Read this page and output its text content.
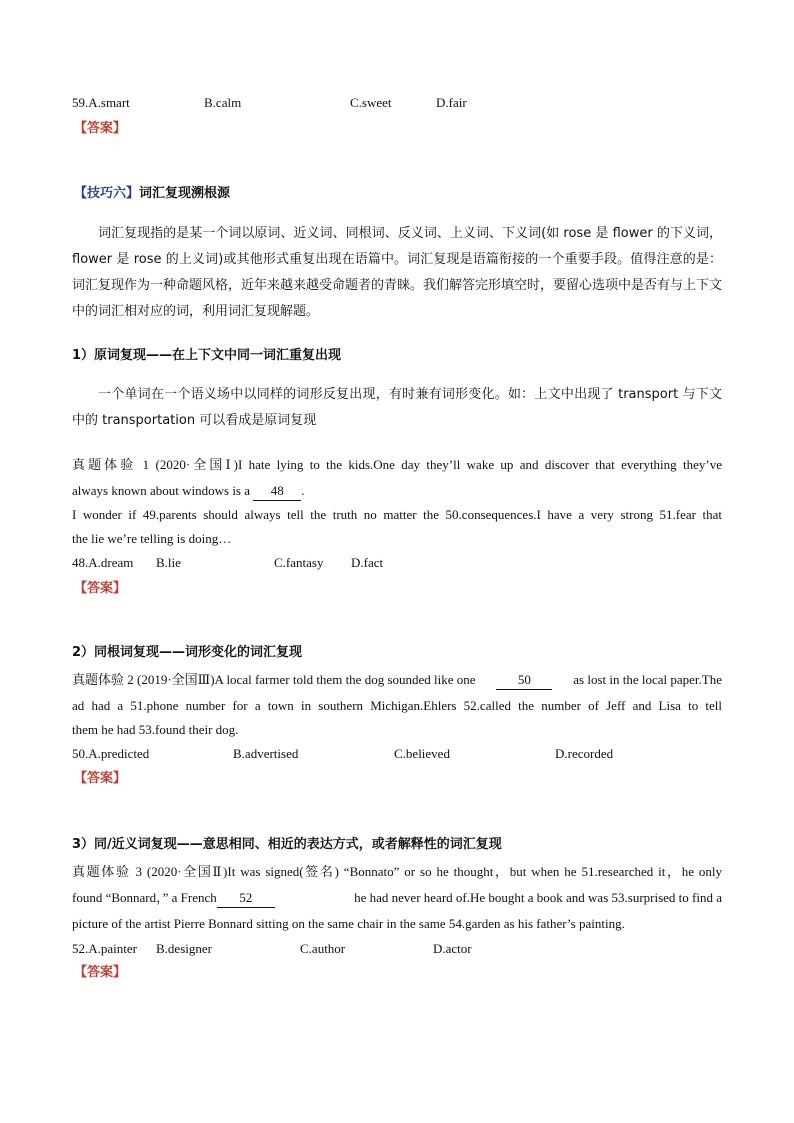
59.A.smart	B.calm	C.sweet	D.fair
【答案】
【技巧六】词汇复现溯根源
词汇复现指的是某一个词以原词、近义词、同根词、反义词、上义词、下义词(如 rose 是 flower 的下义词，flower 是 rose 的上义词)或其他形式重复出现在语篇中。词汇复现是语篇衔接的一个重要手段。值得注意的是：词汇复现作为一种命题风格，近年来越来越受命题者的青睐。我们解答完形填空时，要留心选项中是否有与上下文中的词汇相对应的词，利用词汇复现解题。
1）原词复现——在上下文中同一词汇重复出现
一个单词在一个语义场中以同样的词形反复出现，有时兼有词形变化。如：上文中出现了 transport 与下文中的 transportation 可以看成是原词复现
真题体验 1 (2020·全国Ⅰ)I hate lying to the kids.One day they’ll wake up and discover that everything they’ve
always known about windows is a 48 .
I wonder if 49.parents should always tell the truth no matter the 50.consequences.I have a very strong 51.fear that
the lie we’re telling is doing…
48.A.dream B.lie	C.fantasy D.fact
【答案】
2）同根词复现——词形变化的词汇复现
真题体验 2 (2019·全国Ⅲ)A local farmer told them the dog sounded like one	50	as lost in the local paper.The
ad had a 51.phone number for a town in southern Michigan.Ehlers 52.called the number of Jeff and Lisa to tell
them he had 53.found their dog.
50.A.predicted	B.advertised	C.believed	D.recorded
【答案】
3）同/近义词复现——意思相同、相近的表达方式，或者解释性的词汇复现
真题体验 3 (2020·全国Ⅱ)It was signed(签名) “Bonnato” or so he thought，but when he 51.researched it，he only
found “Bonnard，” a French 52	he had never heard of.He bought a book and was 53.surprised to find a
picture of the artist Pierre Bonnard sitting on the same chair in the same 54.garden as his father’s painting.
52.A.painter B.designer	C.author	D.actor
【答案】
